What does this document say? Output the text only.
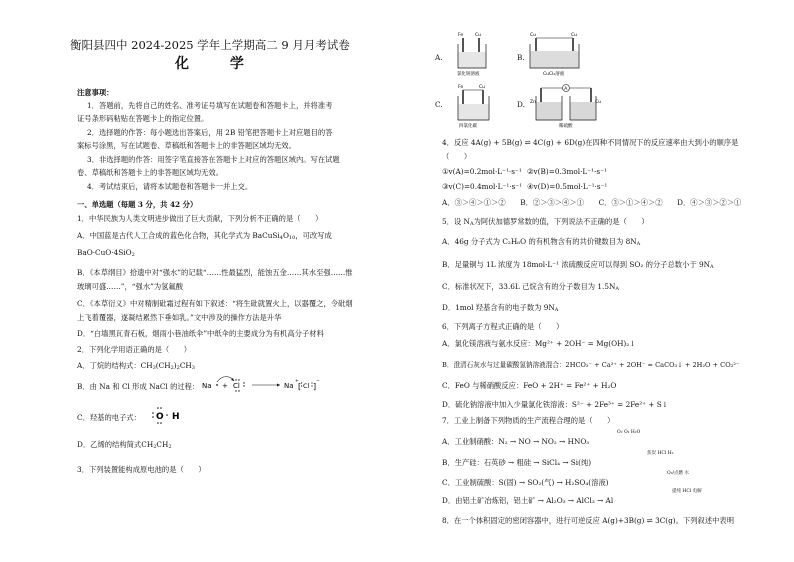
衡阳县四中 2024-2025 学年上学期高二 9 月月考试卷
化 学
注意事项：
1．答题前，先将自己的姓名、准考证号填写在试题卷和答题卡上，并将准考
证号条形码粘贴在答题卡上的指定位置。
2．选择题的作答：每小题选出答案后，用 2B 铅笔把答题卡上对应题目的答
案标号涂黑，写在试题卷、草稿纸和答题卡上的非答题区域均无效。
3．非选择题的作答：用签字笔直接答在答题卡上对应的答题区域内。写在试题
卷、草稿纸和答题卡上的非答题区域均无效。
4．考试结束后，请将本试题卷和答题卡一并上交。
一、单选题（每题 3 分，共 42 分）
1．中华民族为人类文明进步做出了巨大贡献，下列分析不正确的是（　　）
A．中国蓝是古代人工合成的蓝色化合物，其化学式为 $BaCuSi_4O_{10}$，可改写成
BaO·CuO·4SiO$_2$
B．《本草纲目》拾遗中对“强水”的记载“……性最猛烈，能蚀五金……其水至强……惟
玻璃可盛……”，“强水”为氢氟酸
C．《本草衍义》中对精制砒霜过程有如下叙述：“将生砒就置火上，以器覆之，令砒烟
上飞着覆器，遂凝结累然下垂如乳。”文中涉及的操作方法是升华
D．“白墙黑瓦青石板，烟雨小巷油纸伞”中纸伞的主要成分为有机高分子材料
2．下列化学用语正确的是（　　）
A．丁烷的结构式：$CH_3(CH_2)_2CH_3$
B．由 Na 和 Cl 形成 NaCl 的过程： Na + Cl	Na
+
[ Cl ]
−
C．羟基的电子式： O H
D．乙烯的结构简式$CH_2CH_2$
3．下列装置能构成原电池的是（　　）
A.
Fe	Cu
氯化钠溶液
B.
Cu	Cu
CuCl₂溶液
C.
Fe	Cu
四氯化碳
D.
A
Zn	Cu
稀硫酸
4．反应 4A(g) + 5B(g) ⇌ 4C(g) + 6D(g)在四种不同情况下的反应速率由大到小的顺序是
（　　）
①v(A)=0.2mol·L⁻¹·s⁻¹ ②v(B)=0.3mol·L⁻¹·s⁻¹
③v(C)=0.4mol·L⁻¹·s⁻¹ ④v(D)=0.5mol·L⁻¹·s⁻¹
A．③＞④＞①＞②　　B．②＞③＞④＞①　　C．③＞①＞④＞②　　D．④＞③＞②＞①
5．设 $N_A$为阿伏加德罗常数的值，下列说法不正确的是（　　）
A．46g 分子式为 C₂H₆O 的有机物含有的共价键数目为 $8N_A$
B．足量铜与 1L 浓度为 18mol·L⁻¹ 浓硫酸反应可以得到 SO₂ 的分子总数小于 $9N_A$
C．标准状况下，33.6L 己烷含有的分子数目为 $1.5N_A$
D．1mol 羟基含有的电子数为 $9N_A$
6．下列离子方程式正确的是（　　）
A．氯化镁溶液与氨水反应：Mg²⁺ + 2OH⁻ = Mg(OH)₂↓
B．澄清石灰水与过量碳酸氢钠溶液混合：2HCO₃⁻ + Ca²⁺ + 2OH⁻ = CaCO₃↓ + 2H₂O + CO₃²⁻
C．FeO 与稀硝酸反应：FeO + 2H⁺ = Fe²⁺ + H₂O
D．硫化钠溶液中加入少量氯化铁溶液：S²⁻ + 2Fe³⁺ = 2Fe²⁺ + S↓
7．工业上制备下列物质的生产流程合理的是（　　）
A．工业制硝酸：N₂ → NO → NO₂ → HNO₃
B．生产硅：石英砂 → 粗硅 → SiCl₄ → Si(纯)
C．工业制硫酸：S(固) → SO₂(气) → H₂SO₄(溶液)
D．由铝土矿冶炼铝，铝土矿 → Al₂O₃ → AlCl₃ → Al
O₂ O₂ H₂O
焦炭 HCl H₂
O₂/点燃 水
提纯 HCl 电解
8．在一个体积固定的密闭容器中，进行可逆反应 A(g)+3B(g) ⇌ 3C(g)。下列叙述中表明
